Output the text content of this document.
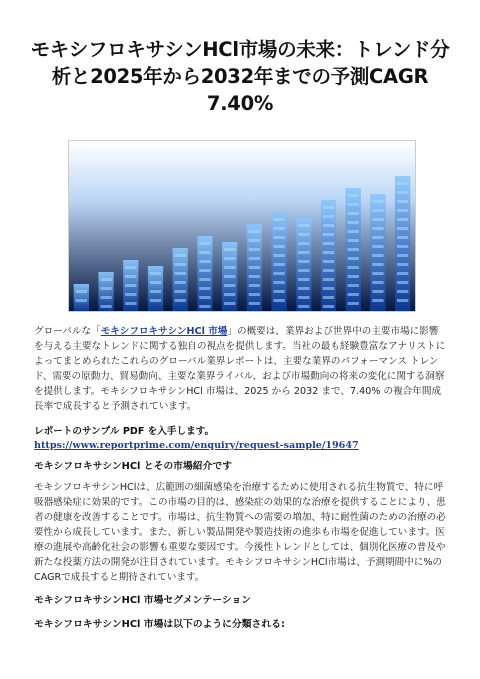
モキシフロキサシンHCl市場の未来：トレンド分析と2025年から2032年までの予測CAGR 7.40%
グローバルな「モキシフロキサシンHCl 市場」の概要は、業界および世界中の主要市場に影響を与える主要なトレンドに関する独自の視点を提供します。当社の最も経験豊富なアナリストによってまとめられたこれらのグローバル業界レポートは、主要な業界のパフォーマンス トレンド、需要の原動力、貿易動向、主要な業界ライバル、および市場動向の将来の変化に関する洞察を提供します。モキシフロキサシンHCl 市場は、2025 から 2032 まで、7.40% の複合年間成長率で成長すると予測されています。
レポートのサンプル PDF を入手します。 https://www.reportprime.com/enquiry/request-sample/19647
モキシフロキサシンHCl とその市場紹介です
モキシフロキサシンHClは、広範囲の細菌感染を治療するために使用される抗生物質で、特に呼吸器感染症に効果的です。この市場の目的は、感染症の効果的な治療を提供することにより、患者の健康を改善することです。市場は、抗生物質への需要の増加、特に耐性菌のための治療の必要性から成長しています。また、新しい製品開発や製造技術の進歩も市場を促進しています。医療の進展や高齢化社会の影響も重要な要因です。今後性トレンドとしては、個別化医療の普及や新たな投薬方法の開発が注目されています。モキシフロキサシンHCl市場は、予測期間中に%のCAGRで成長すると期待されています。
モキシフロキサシンHCl 市場セグメンテーション
モキシフロキサシンHCl 市場は以下のように分類される:
